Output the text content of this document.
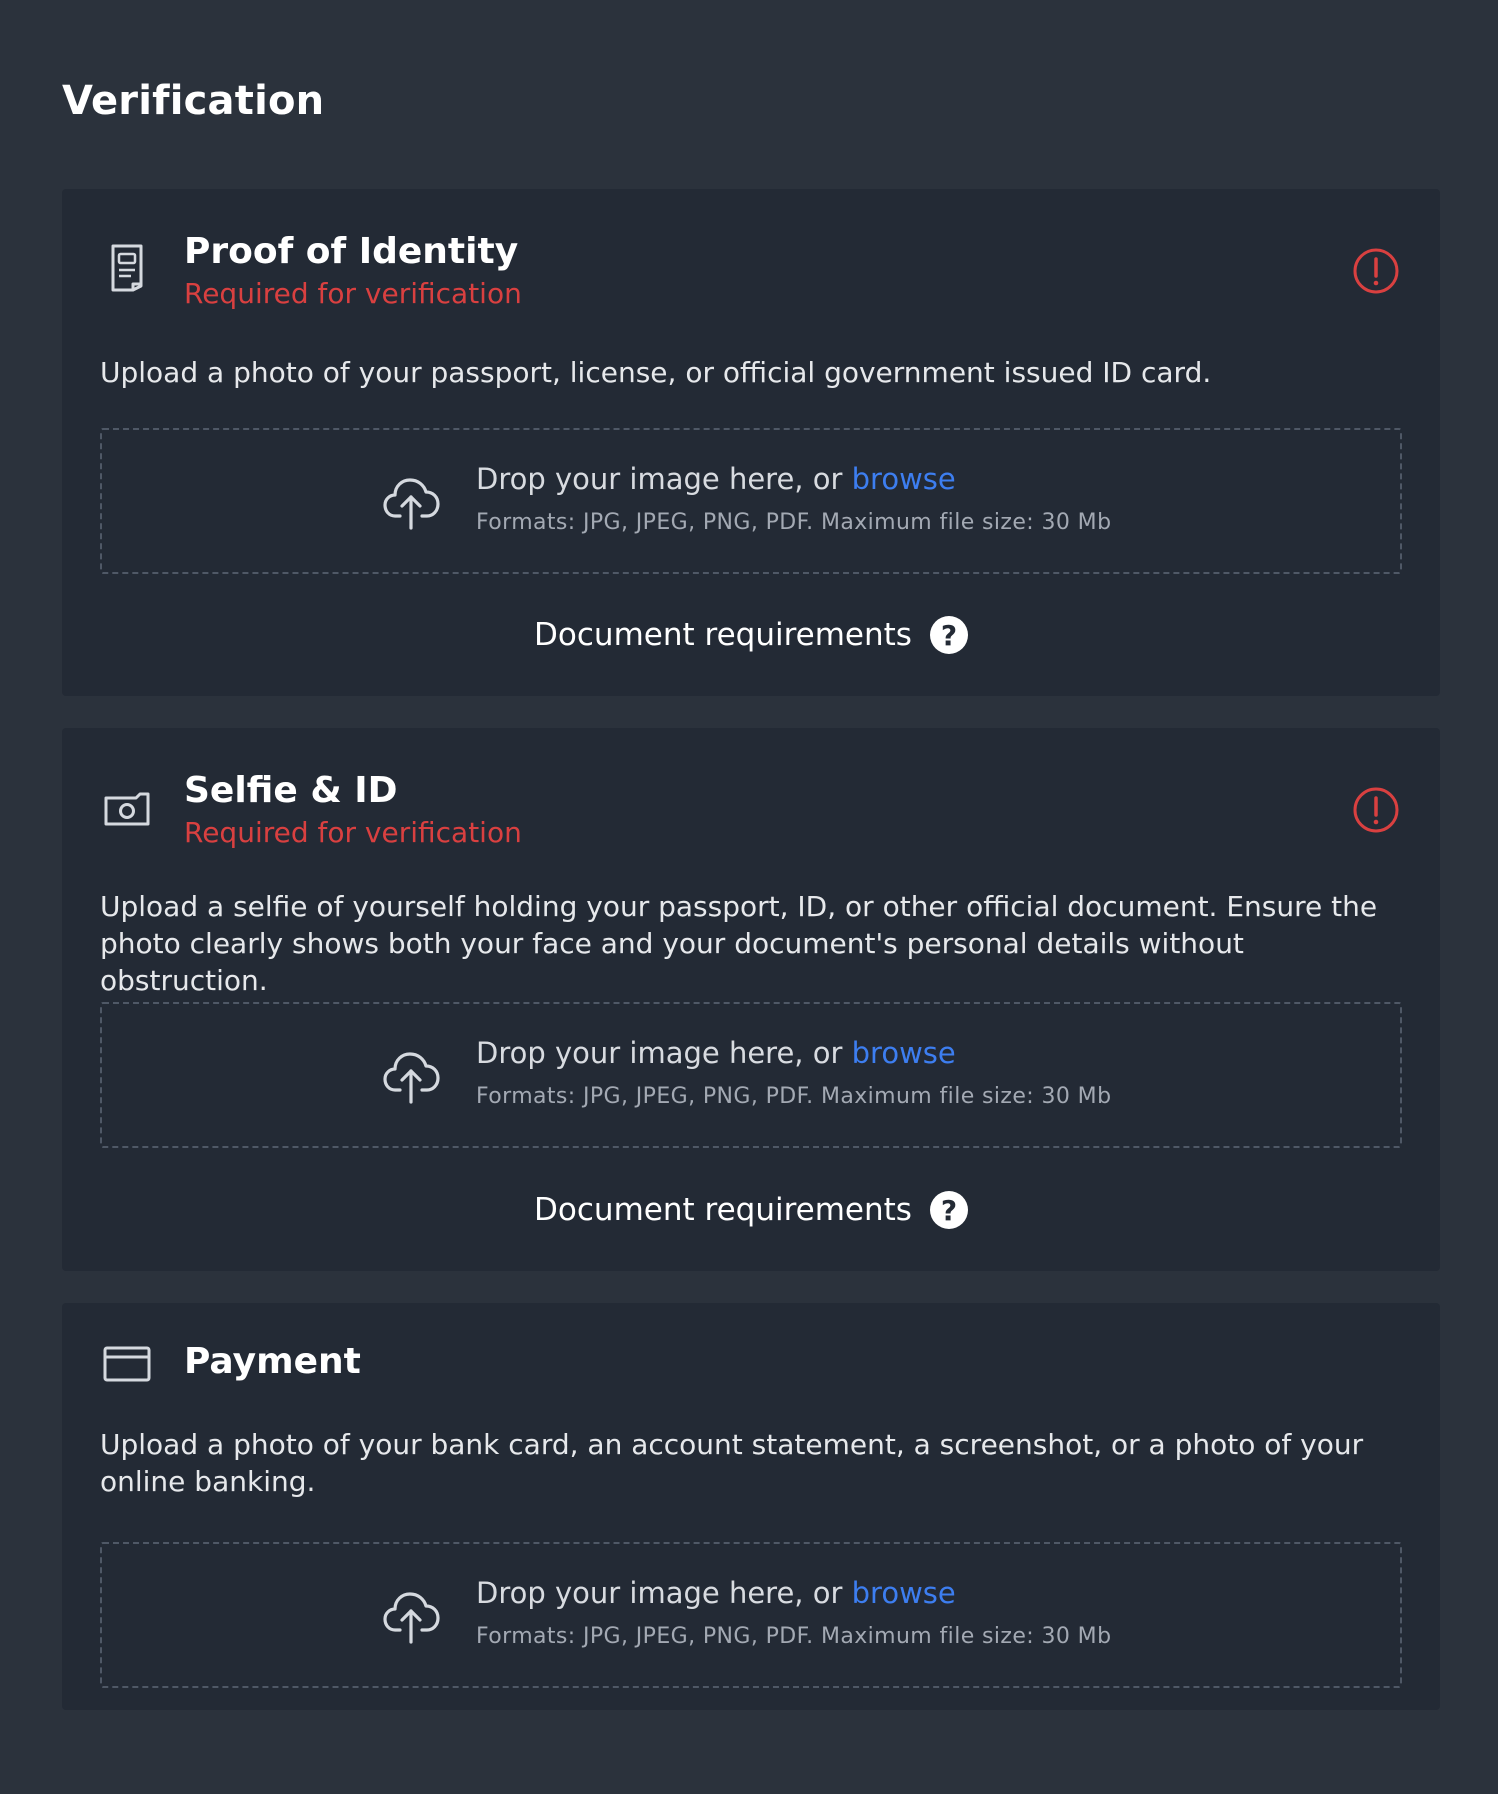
Verification
Proof of Identity
Required for verification
Upload a photo of your passport, license, or official government issued ID card.
Drop your image here, or browse
Formats: JPG, JPEG, PNG, PDF. Maximum file size: 30 Mb
Document requirements	?
Selfie & ID
Required for verification
Upload a selfie of yourself holding your passport, ID, or other official document. Ensure the photo clearly shows both your face and your document's personal details without obstruction.
Drop your image here, or browse
Formats: JPG, JPEG, PNG, PDF. Maximum file size: 30 Mb
Document requirements	?
Payment
Upload a photo of your bank card, an account statement, a screenshot, or a photo of your online banking.
Drop your image here, or browse
Formats: JPG, JPEG, PNG, PDF. Maximum file size: 30 Mb
